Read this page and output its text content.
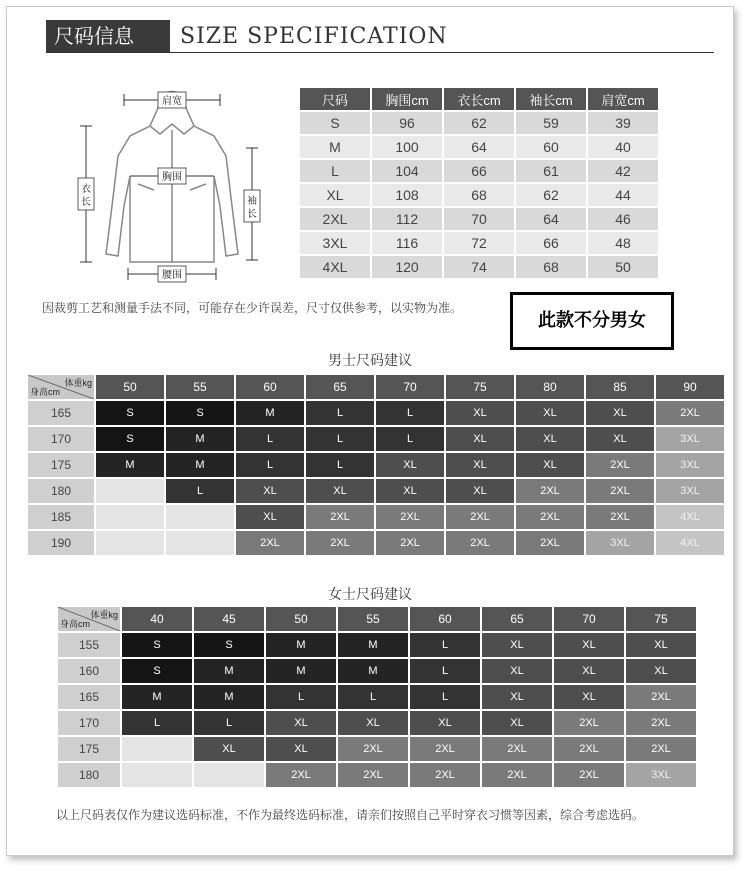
尺码信息	SIZE SPECIFICATION
肩宽
胸围
腰围
衣
长	袖
长
尺码	胸围cm	衣长cm	袖长cm	肩宽cm
S	96	62	59	39
M	100	64	60	40
L	104	66	61	42
XL	108	68	62	44
2XL	112	70	64	46
3XL	116	72	66	48
4XL	120	74	68	50
因裁剪工艺和测量手法不同，可能存在少许误差，尺寸仅供参考，以实物为准。
此款不分男女
男士尺码建议
体重kg
身高cm	50	55	60	65	70	75	80	85	90
165	S	S	M	L	L	XL	XL	XL	2XL
170	S	M	L	L	L	XL	XL	XL	3XL
175	M	M	L	L	XL	XL	XL	2XL	3XL
180		L	XL	XL	XL	XL	2XL	2XL	3XL
185			XL	2XL	2XL	2XL	2XL	2XL	4XL
190			2XL	2XL	2XL	2XL	2XL	3XL	4XL
女士尺码建议
体重kg
身高cm	40	45	50	55	60	65	70	75
155	S	S	M	M	L	XL	XL	XL
160	S	M	M	M	L	XL	XL	XL
165	M	M	L	L	L	XL	XL	2XL
170	L	L	XL	XL	XL	XL	2XL	2XL
175		XL	XL	2XL	2XL	2XL	2XL	2XL
180			2XL	2XL	2XL	2XL	2XL	3XL
以上尺码表仅作为建议选码标准，不作为最终选码标准，请亲们按照自己平时穿衣习惯等因素，综合考虑选码。
